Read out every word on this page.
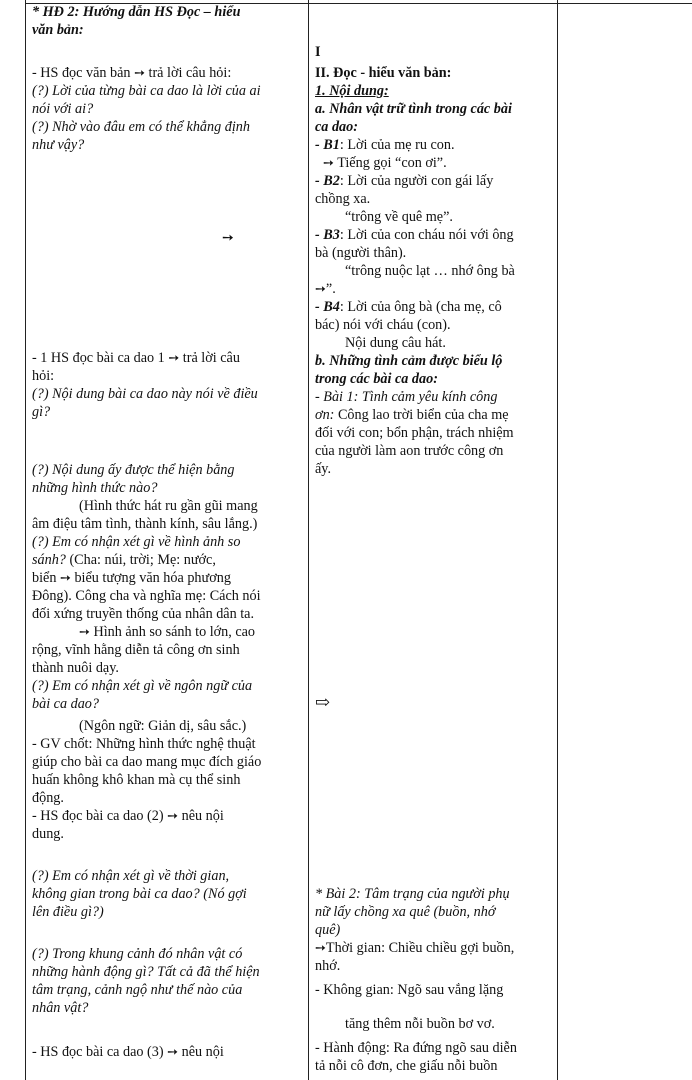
* HĐ 2: Hướng dẫn HS Đọc – hiểu
văn bản:
- HS đọc văn bản ➙ trả lời câu hỏi:
(?) Lời của từng bài ca dao là lời của ai
nói với ai?
(?) Nhờ vào đâu em có thể khẳng định
như vậy?
➙
- 1 HS đọc bài ca dao 1 ➙ trả lời câu
hỏi:
(?) Nội dung bài ca dao này nói về điều
gì?
(?) Nội dung ấy được thể hiện bằng
những hình thức nào?
(Hình thức hát ru gần gũi mang
âm điệu tâm tình, thành kính, sâu lắng.)
(?) Em có nhận xét gì về hình ảnh so
sánh? (Cha: núi, trời; Mẹ: nước,
biển ➙ biểu tượng văn hóa phương
Đông). Công cha và nghĩa mẹ: Cách nói
đối xứng truyền thống của nhân dân ta.
➙ Hình ảnh so sánh to lớn, cao
rộng, vĩnh hằng diễn tả công ơn sinh
thành nuôi dạy.
(?) Em có nhận xét gì về ngôn ngữ của
bài ca dao?
(Ngôn ngữ: Giản dị, sâu sắc.)
- GV chốt: Những hình thức nghệ thuật
giúp cho bài ca dao mang mục đích giáo
huấn không khô khan mà cụ thể sinh
động.
- HS đọc bài ca dao (2) ➙ nêu nội
dung.
(?) Em có nhận xét gì về thời gian,
không gian trong bài ca dao? (Nó gợi
lên điều gì?)
(?) Trong khung cảnh đó nhân vật có
những hành động gì? Tất cả đã thể hiện
tâm trạng, cảnh ngộ như thế nào của
nhân vật?
- HS đọc bài ca dao (3) ➙ nêu nội
I
II. Đọc - hiểu văn bản:
1. Nội dung:
a. Nhân vật trữ tình trong các bài
ca dao:
- B1: Lời của mẹ ru con.
➙ Tiếng gọi “con ơi”.
- B2: Lời của người con gái lấy
chồng xa.
“trông về quê mẹ”.
- B3: Lời của con cháu nói với ông
bà (người thân).
“trông nuộc lạt … nhớ ông bà
➙”.
- B4: Lời của ông bà (cha mẹ, cô
bác) nói với cháu (con).
Nội dung câu hát.
b. Những tình cảm được biểu lộ
trong các bài ca dao:
- Bài 1: Tình cảm yêu kính công
ơn: Công lao trời biển của cha mẹ
đối với con; bổn phận, trách nhiệm
của người làm aon trước công ơn
ấy.
⇨
* Bài 2: Tâm trạng của người phụ
nữ lấy chồng xa quê (buồn, nhớ
quê)
➙Thời gian: Chiều chiều gợi buồn,
nhớ.
- Không gian: Ngõ sau vắng lặng
tăng thêm nỗi buồn bơ vơ.
- Hành động: Ra đứng ngõ sau diễn
tả nỗi cô đơn, che giấu nỗi buồn
